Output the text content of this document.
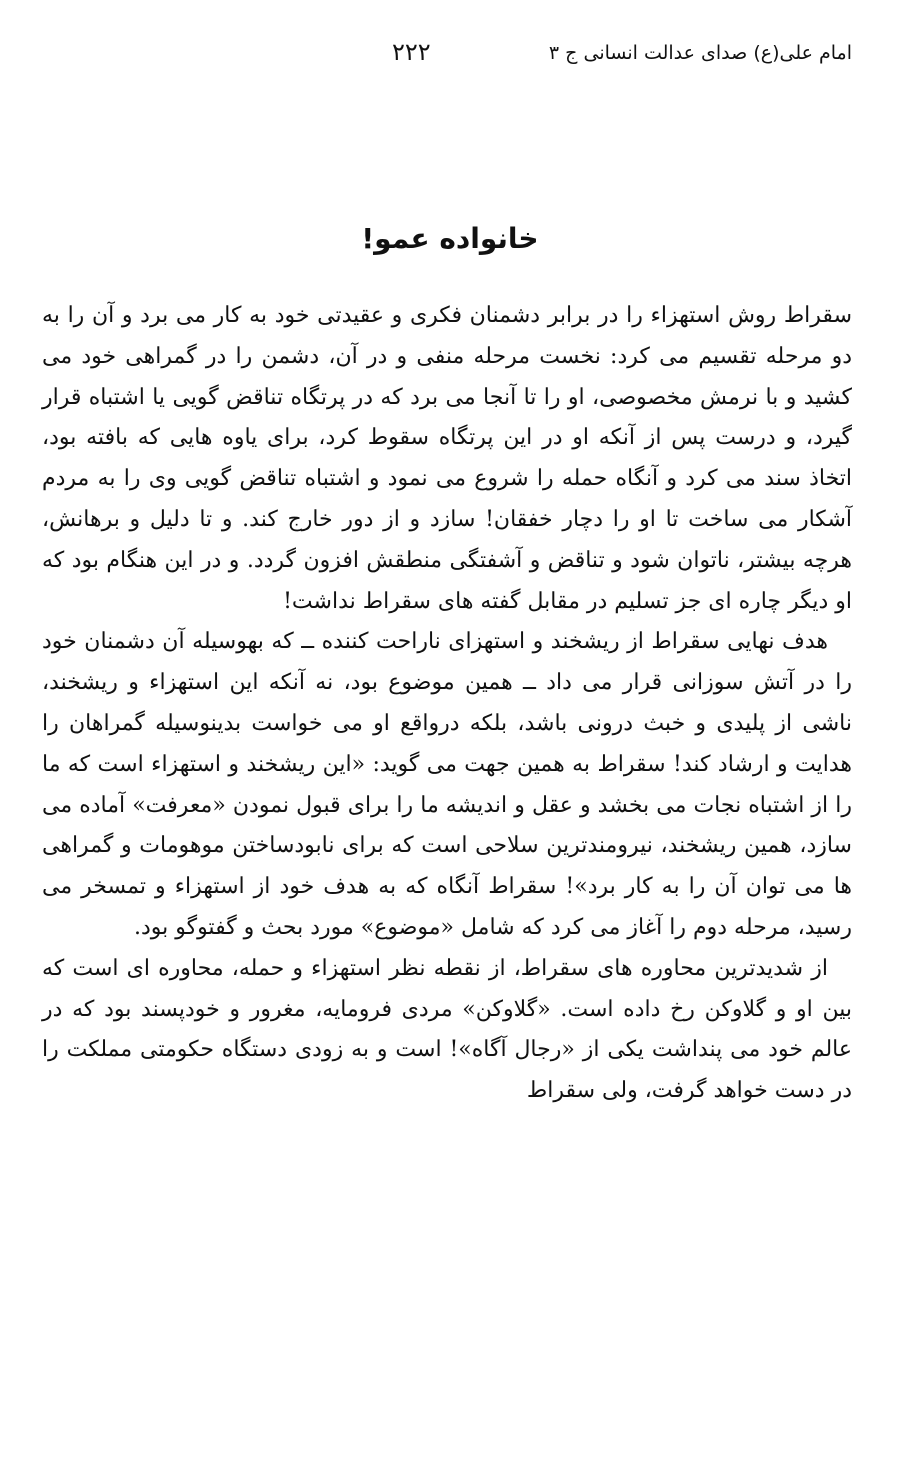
امام علی(ع) صدای عدالت انسانی ج ۳
۲۲۲
خانواده عمو!

سقراط روش استهزاء را در برابر دشمنان فکری و عقیدتی خود به کار می برد و آن را به دو مرحله تقسیم می کرد: نخست مرحله منفی و در آن، دشمن را در گمراهی خود می کشید و با نرمش مخصوصی، او را تا آنجا می برد که در پرتگاه تناقض گویی یا اشتباه قرار گیرد، و درست پس از آنکه او در این پرتگاه سقوط کرد، برای یاوه هایی که بافته بود، اتخاذ سند می کرد و آنگاه حمله را شروع می نمود و اشتباه تناقض گویی وی را به مردم آشکار می ساخت تا او را دچار خفقان! سازد و از دور خارج کند. و تا دلیل و برهانش، هرچه بیشتر، ناتوان شود و تناقض و آشفتگی منطقش افزون گردد. و در این هنگام بود که او دیگر چاره ای جز تسلیم در مقابل گفته های سقراط نداشت!

هدف نهایی سقراط از ریشخند و استهزای ناراحت کننده ــ که بهوسیله آن دشمنان خود را در آتش سوزانی قرار می داد ــ همین موضوع بود، نه آنکه این استهزاء و ریشخند، ناشی از پلیدی و خبث درونی باشد، بلکه درواقع او می خواست بدینوسیله گمراهان را هدایت و ارشاد کند! سقراط به همین جهت می گوید: «این ریشخند و استهزاء است که ما را از اشتباه نجات می بخشد و عقل و اندیشه ما را برای قبول نمودن «معرفت» آماده می سازد، همین ریشخند، نیرومندترین سلاحی است که برای نابودساختن موهومات و گمراهی ها می توان آن را به کار برد»! سقراط آنگاه که به هدف خود از استهزاء و تمسخر می رسید، مرحله دوم را آغاز می کرد که شامل «موضوع» مورد بحث و گفتوگو بود.

از شدیدترین محاوره های سقراط، از نقطه نظر استهزاء و حمله، محاوره ای است که بین او و گلاوکن رخ داده است. «گلاوکن» مردی فرومایه، مغرور و خودپسند بود که در عالم خود می پنداشت یکی از «رجال آگاه»! است و به زودی دستگاه حکومتی مملکت را در دست خواهد گرفت، ولی سقراط
